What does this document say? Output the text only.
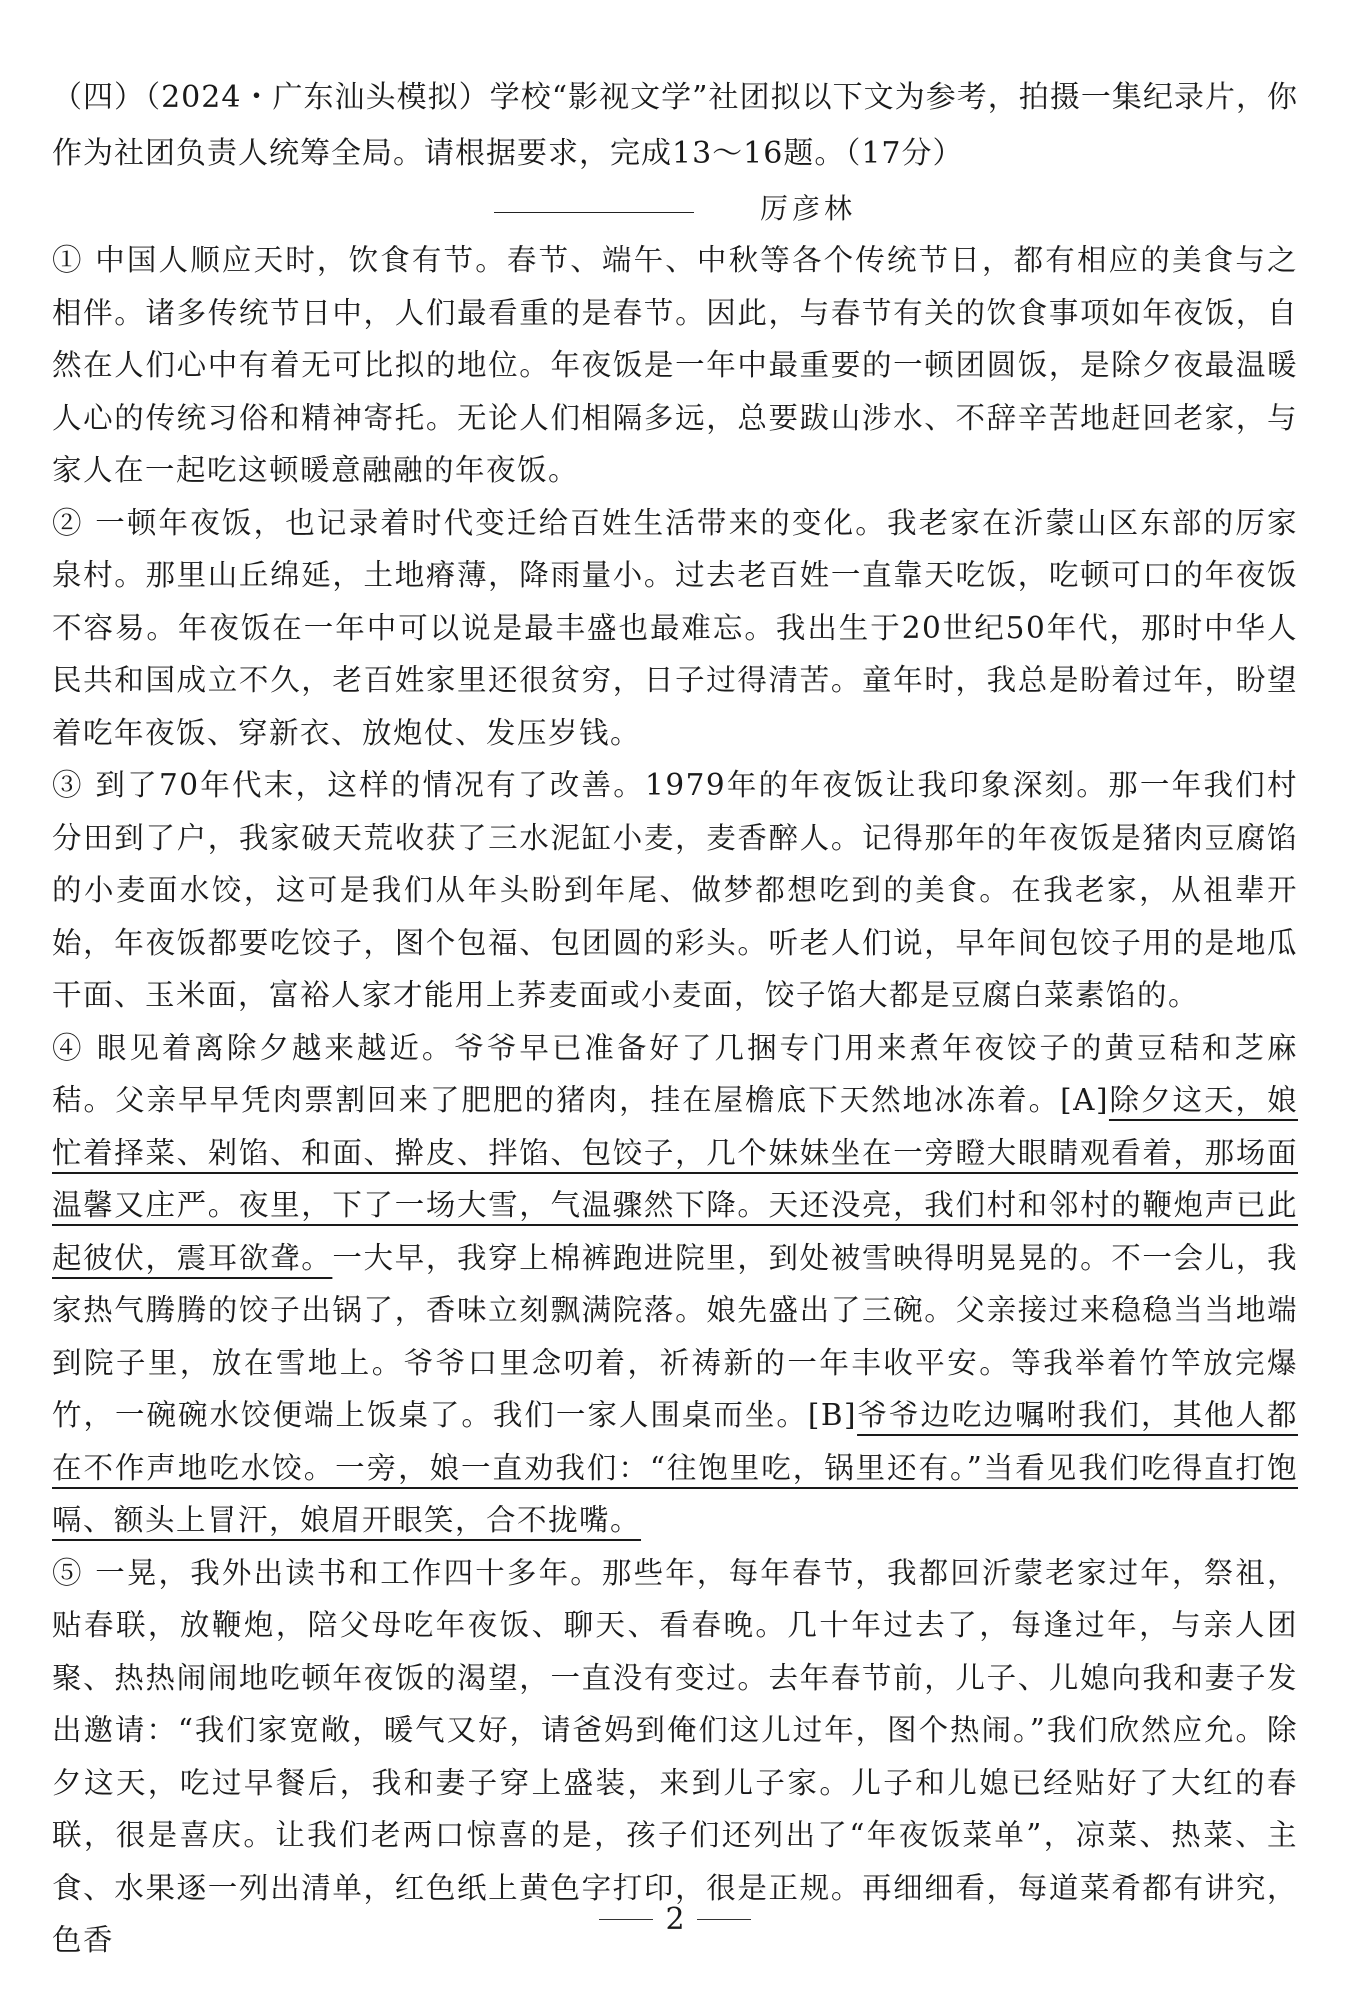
（四）（2024・广东汕头模拟）学校“影视文学”社团拟以下文为参考，拍摄一集纪录片，你作为社团负责人统筹全局。请根据要求，完成13～16题。（17分）

厉彦林

① 中国人顺应天时，饮食有节。春节、端午、中秋等各个传统节日，都有相应的美食与之相伴。诸多传统节日中，人们最看重的是春节。因此，与春节有关的饮食事项如年夜饭，自然在人们心中有着无可比拟的地位。年夜饭是一年中最重要的一顿团圆饭，是除夕夜最温暖人心的传统习俗和精神寄托。无论人们相隔多远，总要跋山涉水、不辞辛苦地赶回老家，与家人在一起吃这顿暖意融融的年夜饭。

② 一顿年夜饭，也记录着时代变迁给百姓生活带来的变化。我老家在沂蒙山区东部的厉家泉村。那里山丘绵延，土地瘠薄，降雨量小。过去老百姓一直靠天吃饭，吃顿可口的年夜饭不容易。年夜饭在一年中可以说是最丰盛也最难忘。我出生于20世纪50年代，那时中华人民共和国成立不久，老百姓家里还很贫穷，日子过得清苦。童年时，我总是盼着过年，盼望着吃年夜饭、穿新衣、放炮仗、发压岁钱。

③ 到了70年代末，这样的情况有了改善。1979年的年夜饭让我印象深刻。那一年我们村分田到了户，我家破天荒收获了三水泥缸小麦，麦香醉人。记得那年的年夜饭是猪肉豆腐馅的小麦面水饺，这可是我们从年头盼到年尾、做梦都想吃到的美食。在我老家，从祖辈开始，年夜饭都要吃饺子，图个包福、包团圆的彩头。听老人们说，早年间包饺子用的是地瓜干面、玉米面，富裕人家才能用上荞麦面或小麦面，饺子馅大都是豆腐白菜素馅的。

④ 眼见着离除夕越来越近。爷爷早已准备好了几捆专门用来煮年夜饺子的黄豆秸和芝麻秸。父亲早早凭肉票割回来了肥肥的猪肉，挂在屋檐底下天然地冰冻着。[A]除夕这天，娘忙着择菜、剁馅、和面、擀皮、拌馅、包饺子，几个妹妹坐在一旁瞪大眼睛观看着，那场面温馨又庄严。夜里，下了一场大雪，气温骤然下降。天还没亮，我们村和邻村的鞭炮声已此起彼伏，震耳欲聋。一大早，我穿上棉裤跑进院里，到处被雪映得明晃晃的。不一会儿，我家热气腾腾的饺子出锅了，香味立刻飘满院落。娘先盛出了三碗。父亲接过来稳稳当当地端到院子里，放在雪地上。爷爷口里念叨着，祈祷新的一年丰收平安。等我举着竹竿放完爆竹，一碗碗水饺便端上饭桌了。我们一家人围桌而坐。[B]爷爷边吃边嘱咐我们，其他人都在不作声地吃水饺。一旁，娘一直劝我们：“往饱里吃，锅里还有。”当看见我们吃得直打饱嗝、额头上冒汗，娘眉开眼笑，合不拢嘴。

⑤ 一晃，我外出读书和工作四十多年。那些年，每年春节，我都回沂蒙老家过年，祭祖，贴春联，放鞭炮，陪父母吃年夜饭、聊天、看春晚。几十年过去了，每逢过年，与亲人团聚、热热闹闹地吃顿年夜饭的渴望，一直没有变过。去年春节前，儿子、儿媳向我和妻子发出邀请：“我们家宽敞，暖气又好，请爸妈到俺们这儿过年，图个热闹。”我们欣然应允。除夕这天，吃过早餐后，我和妻子穿上盛装，来到儿子家。儿子和儿媳已经贴好了大红的春联，很是喜庆。让我们老两口惊喜的是，孩子们还列出了“年夜饭菜单”，凉菜、热菜、主食、水果逐一列出清单，红色纸上黄色字打印，很是正规。再细细看，每道菜肴都有讲究，色香

2
